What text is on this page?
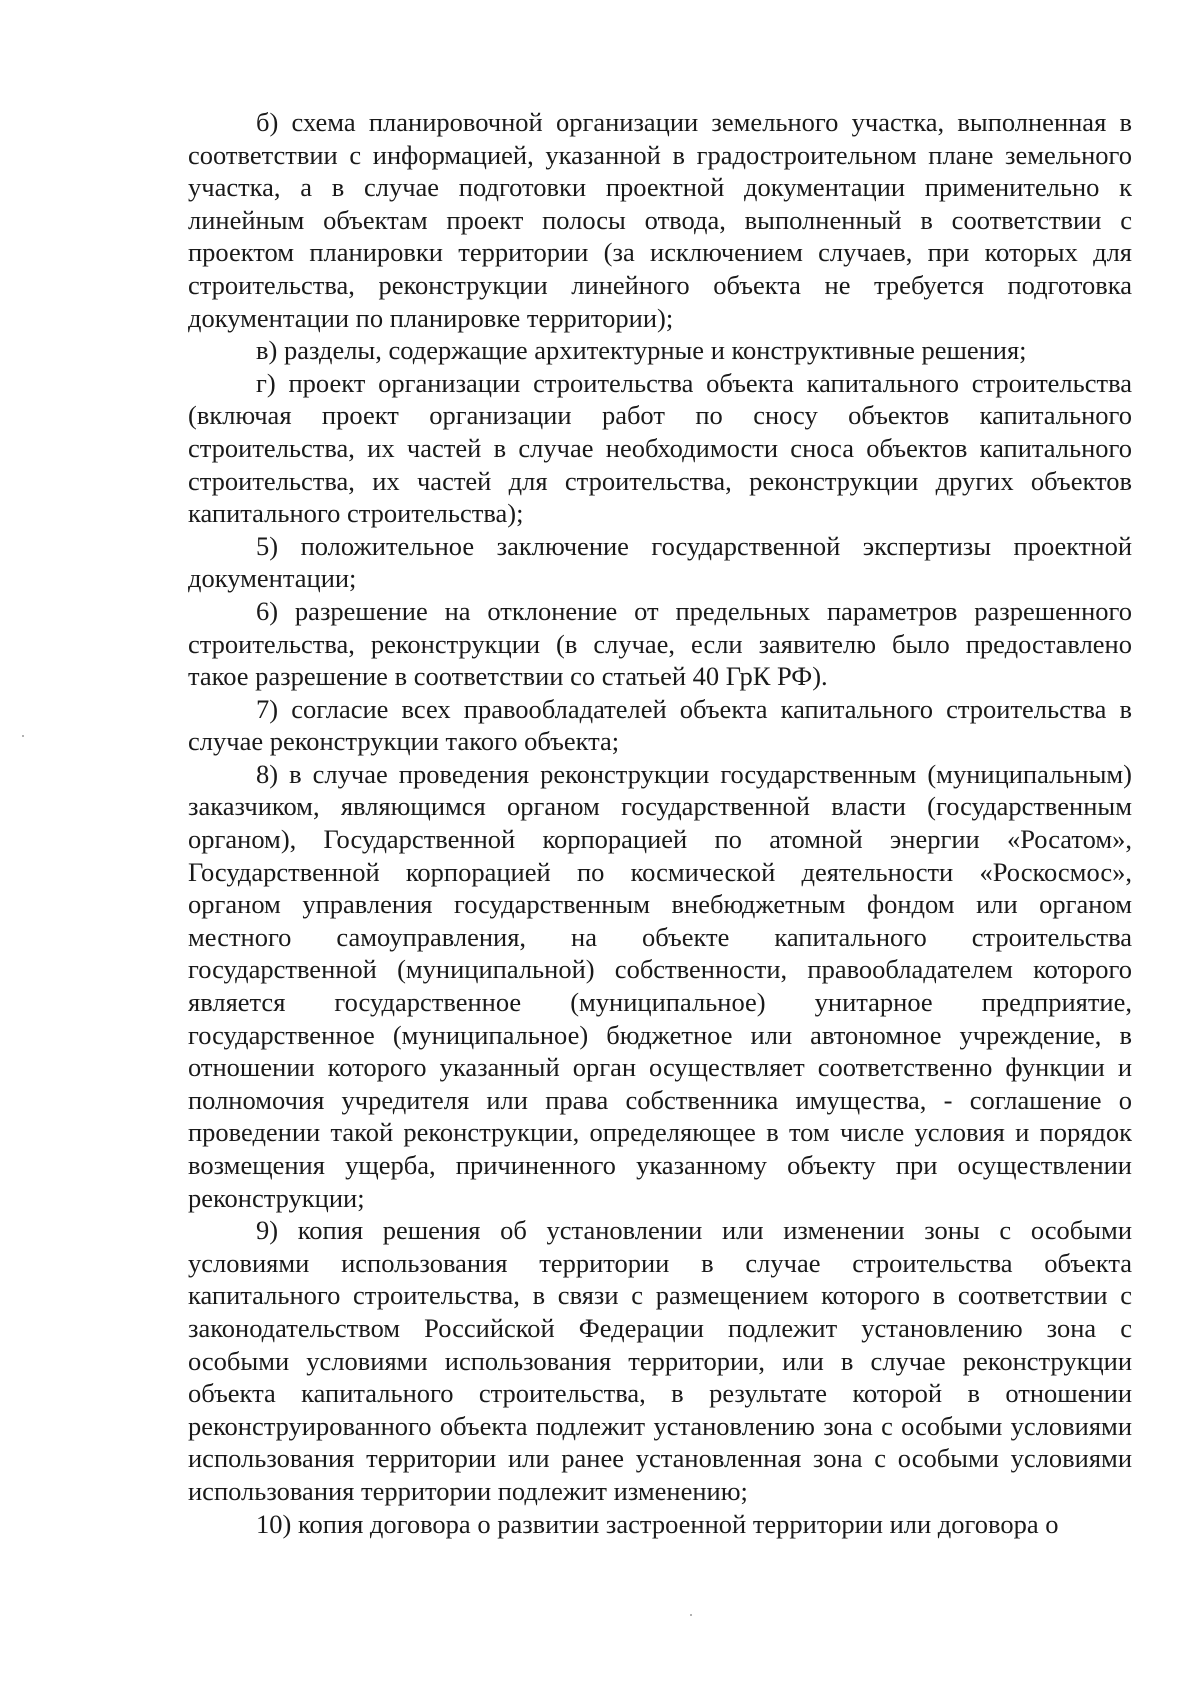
б) схема планировочной организации земельного участка, выполненная в соответствии с информацией, указанной в градостроительном плане земельного участка, а в случае подготовки проектной документации применительно к линейным объектам проект полосы отвода, выполненный в соответствии с проектом планировки территории (за исключением случаев, при которых для строительства, реконструкции линейного объекта не требуется подготовка документации по планировке территории);

в) разделы, содержащие архитектурные и конструктивные решения;

г) проект организации строительства объекта капитального строительства (включая проект организации работ по сносу объектов капитального строительства, их частей в случае необходимости сноса объектов капитального строительства, их частей для строительства, реконструкции других объектов капитального строительства);

5) положительное заключение государственной экспертизы проектной документации;

6) разрешение на отклонение от предельных параметров разрешенного строительства, реконструкции (в случае, если заявителю было предоставлено такое разрешение в соответствии со статьей 40 ГрК РФ).

7) согласие всех правообладателей объекта капитального строительства в случае реконструкции такого объекта;

8) в случае проведения реконструкции государственным (муниципальным) заказчиком, являющимся органом государственной власти (государственным органом), Государственной корпорацией по атомной энергии «Росатом», Государственной корпорацией по космической деятельности «Роскосмос», органом управления государственным внебюджетным фондом или органом местного самоуправления, на объекте капитального строительства государственной (муниципальной) собственности, правообладателем которого является государственное (муниципальное) унитарное предприятие, государственное (муниципальное) бюджетное или автономное учреждение, в отношении которого указанный орган осуществляет соответственно функции и полномочия учредителя или права собственника имущества, - соглашение о проведении такой реконструкции, определяющее в том числе условия и порядок возмещения ущерба, причиненного указанному объекту при осуществлении реконструкции;

9) копия решения об установлении или изменении зоны с особыми условиями использования территории в случае строительства объекта капитального строительства, в связи с размещением которого в соответствии с законодательством Российской Федерации подлежит установлению зона с особыми условиями использования территории, или в случае реконструкции объекта капитального строительства, в результате которой в отношении реконструированного объекта подлежит установлению зона с особыми условиями использования территории или ранее установленная зона с особыми условиями использования территории подлежит изменению;

10) копия договора о развитии застроенной территории или договора о
